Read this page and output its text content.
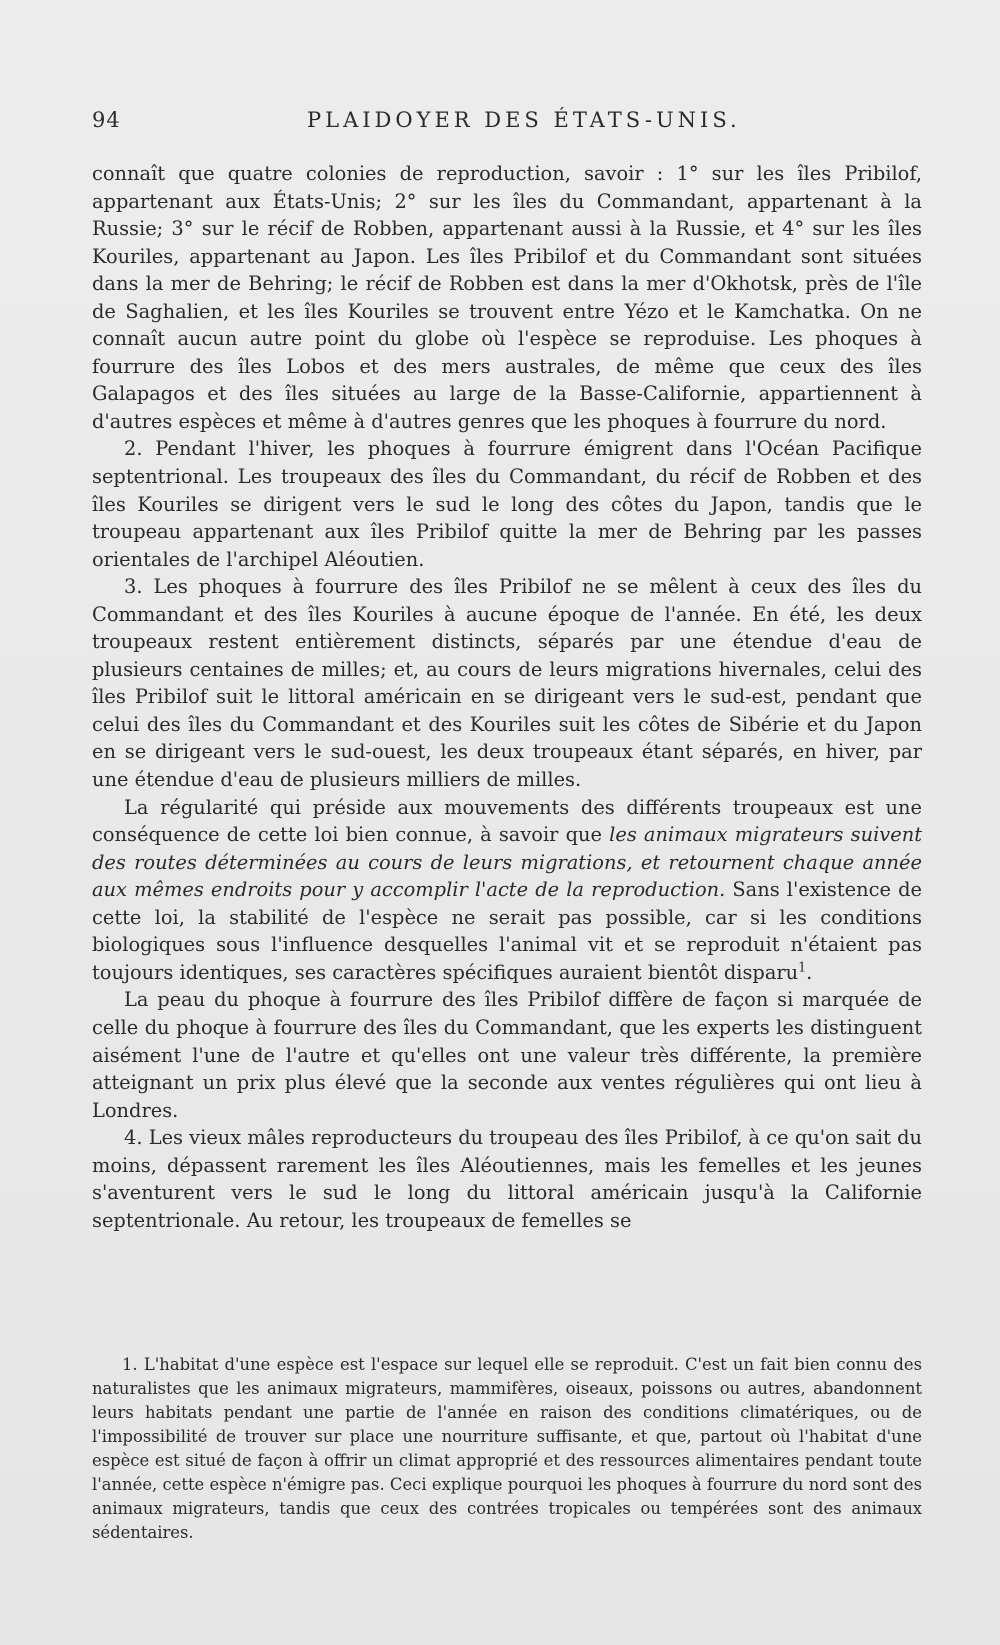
94	PLAIDOYER DES ÉTATS-UNIS.

connaît que quatre colonies de reproduction, savoir : 1° sur les îles Pribilof, appartenant aux États-Unis; 2° sur les îles du Commandant, appartenant à la Russie; 3° sur le récif de Robben, appartenant aussi à la Russie, et 4° sur les îles Kouriles, appartenant au Japon. Les îles Pribilof et du Commandant sont situées dans la mer de Behring; le récif de Robben est dans la mer d'Okhotsk, près de l'île de Saghalien, et les îles Kouriles se trouvent entre Yézo et le Kamchatka. On ne connaît aucun autre point du globe où l'espèce se reproduise. Les phoques à fourrure des îles Lobos et des mers australes, de même que ceux des îles Galapagos et des îles situées au large de la Basse-Californie, appartiennent à d'autres espèces et même à d'autres genres que les phoques à fourrure du nord.

2. Pendant l'hiver, les phoques à fourrure émigrent dans l'Océan Pacifique septentrional. Les troupeaux des îles du Commandant, du récif de Robben et des îles Kouriles se dirigent vers le sud le long des côtes du Japon, tandis que le troupeau appartenant aux îles Pribilof quitte la mer de Behring par les passes orientales de l'archipel Aléoutien.

3. Les phoques à fourrure des îles Pribilof ne se mêlent à ceux des îles du Commandant et des îles Kouriles à aucune époque de l'année. En été, les deux troupeaux restent entièrement distincts, séparés par une étendue d'eau de plusieurs centaines de milles; et, au cours de leurs migrations hivernales, celui des îles Pribilof suit le littoral américain en se dirigeant vers le sud-est, pendant que celui des îles du Commandant et des Kouriles suit les côtes de Sibérie et du Japon en se dirigeant vers le sud-ouest, les deux troupeaux étant séparés, en hiver, par une étendue d'eau de plusieurs milliers de milles.

La régularité qui préside aux mouvements des différents troupeaux est une conséquence de cette loi bien connue, à savoir que les animaux migrateurs suivent des routes déterminées au cours de leurs migrations, et retournent chaque année aux mêmes endroits pour y accomplir l'acte de la reproduction. Sans l'existence de cette loi, la stabilité de l'espèce ne serait pas possible, car si les conditions biologiques sous l'influence desquelles l'animal vit et se reproduit n'étaient pas toujours identiques, ses caractères spécifiques auraient bientôt disparu$^1$.

La peau du phoque à fourrure des îles Pribilof diffère de façon si marquée de celle du phoque à fourrure des îles du Commandant, que les experts les distinguent aisément l'une de l'autre et qu'elles ont une valeur très différente, la première atteignant un prix plus élevé que la seconde aux ventes régulières qui ont lieu à Londres.

4. Les vieux mâles reproducteurs du troupeau des îles Pribilof, à ce qu'on sait du moins, dépassent rarement les îles Aléoutiennes, mais les femelles et les jeunes s'aventurent vers le sud le long du littoral américain jusqu'à la Californie septentrionale. Au retour, les troupeaux de femelles se

1. L'habitat d'une espèce est l'espace sur lequel elle se reproduit. C'est un fait bien connu des naturalistes que les animaux migrateurs, mammifères, oiseaux, poissons ou autres, abandonnent leurs habitats pendant une partie de l'année en raison des conditions climatériques, ou de l'impossibilité de trouver sur place une nourriture suffisante, et que, partout où l'habitat d'une espèce est situé de façon à offrir un climat approprié et des ressources alimentaires pendant toute l'année, cette espèce n'émigre pas. Ceci explique pourquoi les phoques à fourrure du nord sont des animaux migrateurs, tandis que ceux des contrées tropicales ou tempérées sont des animaux sédentaires.
